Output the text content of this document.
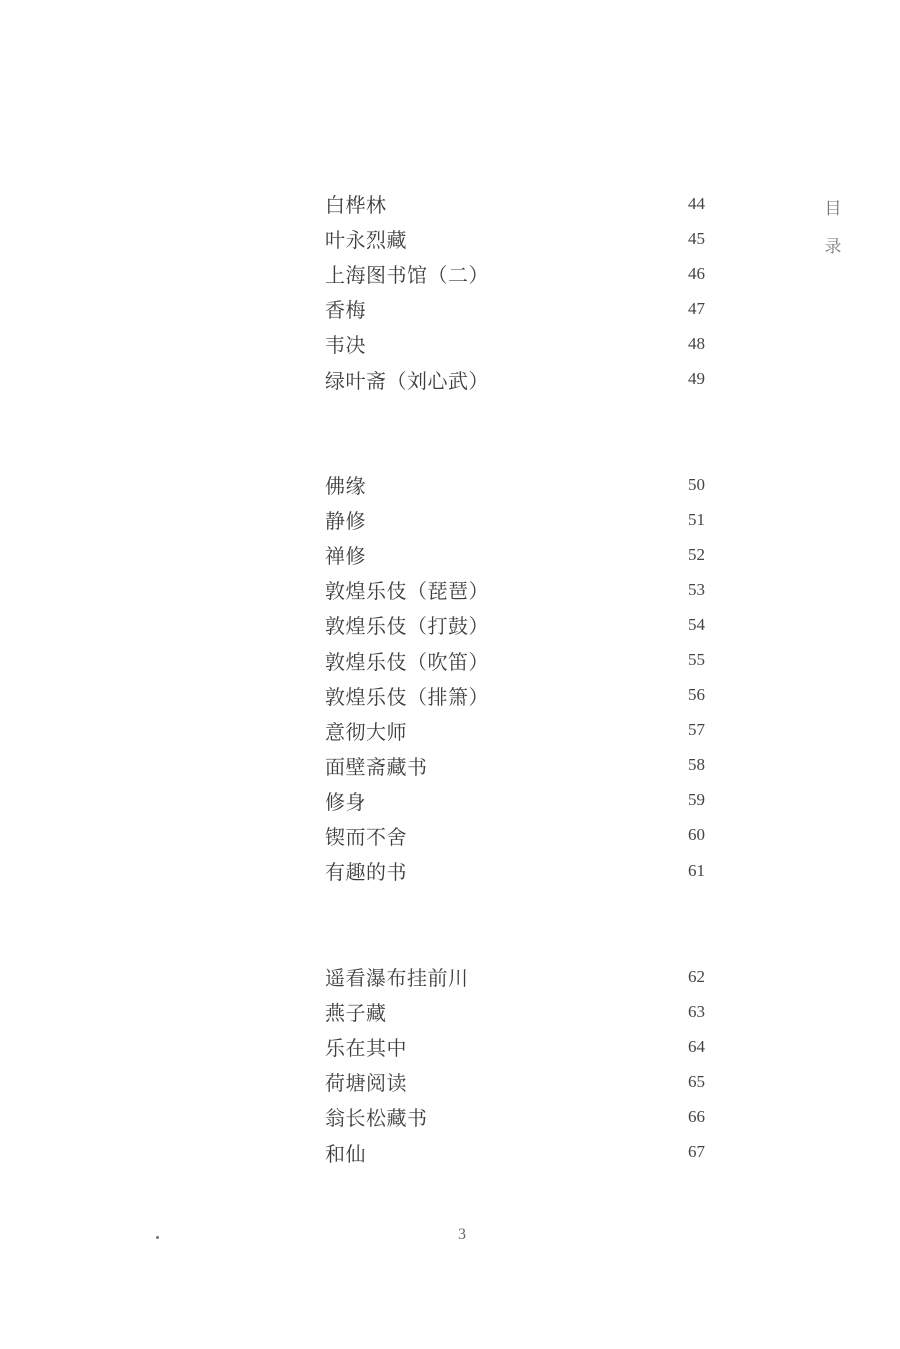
目
录
白桦林	44
叶永烈藏	45
上海图书馆（二）	46
香梅	47
韦决	48
绿叶斋（刘心武）	49
佛缘	50
静修	51
禅修	52
敦煌乐伎（琵琶）	53
敦煌乐伎（打鼓）	54
敦煌乐伎（吹笛）	55
敦煌乐伎（排箫）	56
意彻大师	57
面壁斋藏书	58
修身	59
锲而不舍	60
有趣的书	61
遥看瀑布挂前川	62
燕子藏	63
乐在其中	64
荷塘阅读	65
翁长松藏书	66
和仙	67
3
